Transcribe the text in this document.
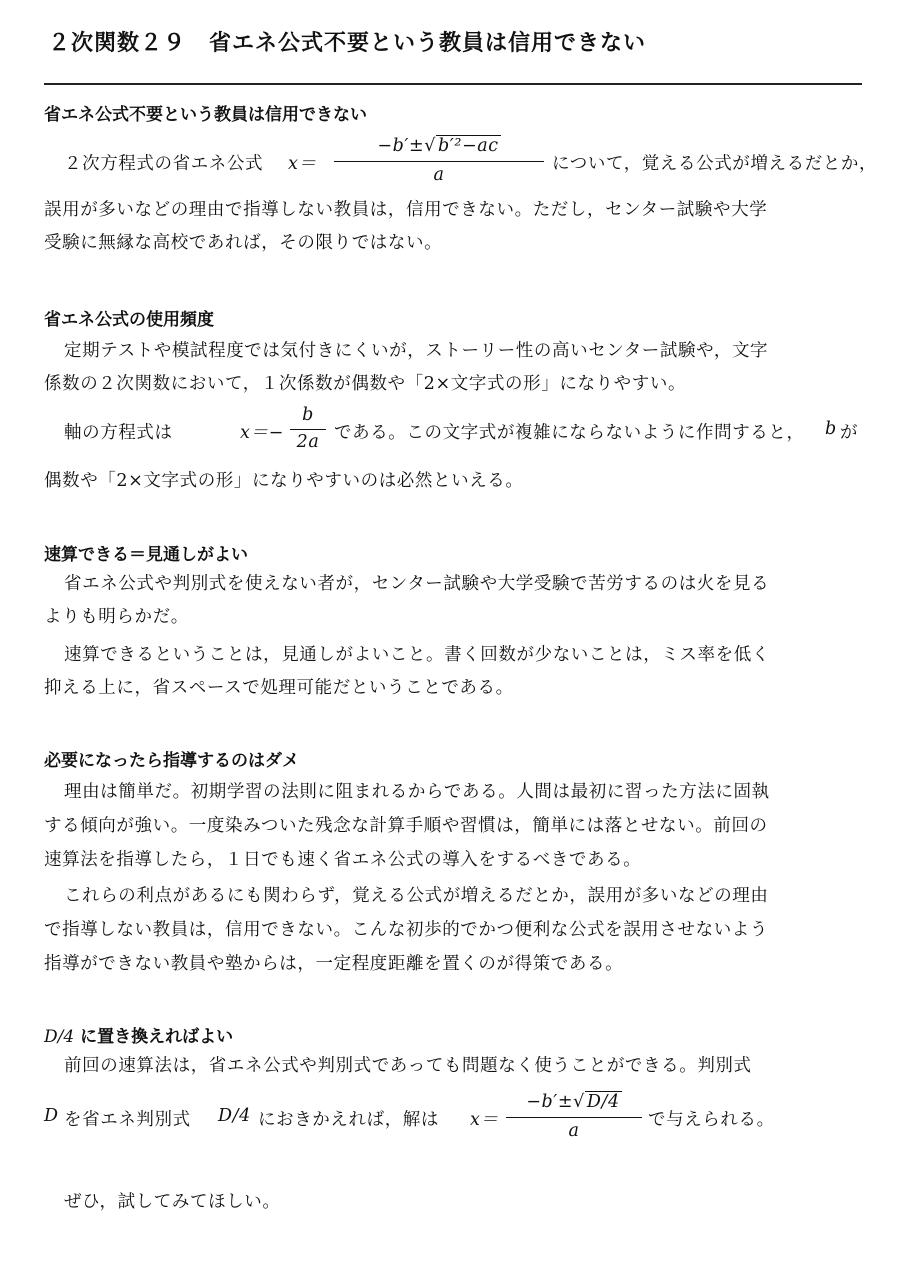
２次関数２９　省エネ公式不要という教員は信用できない
省エネ公式不要という教員は信用できない
２次方程式の省エネ公式 x＝
−b′±√ b′²−ac
a
について，覚える公式が増えるだとか，
誤用が多いなどの理由で指導しない教員は，信用できない。ただし，センター試験や大学
受験に無縁な高校であれば，その限りではない。
省エネ公式の使用頻度
定期テストや模試程度では気付きにくいが，ストーリー性の高いセンター試験や，文字
係数の２次関数において，１次係数が偶数や「2×文字式の形」になりやすい。
軸の方程式は	x＝−
b
2a である。この文字式が複雑にならないように作問すると， b が
偶数や「2×文字式の形」になりやすいのは必然といえる。
速算できる＝見通しがよい
省エネ公式や判別式を使えない者が，センター試験や大学受験で苦労するのは火を見る
よりも明らかだ。
速算できるということは，見通しがよいこと。書く回数が少ないことは，ミス率を低く
抑える上に，省スペースで処理可能だということである。
必要になったら指導するのはダメ
理由は簡単だ。初期学習の法則に阻まれるからである。人間は最初に習った方法に固執
する傾向が強い。一度染みついた残念な計算手順や習慣は，簡単には落とせない。前回の
速算法を指導したら，１日でも速く省エネ公式の導入をするべきである。
これらの利点があるにも関わらず，覚える公式が増えるだとか，誤用が多いなどの理由
で指導しない教員は，信用できない。こんな初歩的でかつ便利な公式を誤用させないよう
指導ができない教員や塾からは，一定程度距離を置くのが得策である。
D/4 に置き換えればよい
前回の速算法は，省エネ公式や判別式であっても問題なく使うことができる。判別式
D を省エネ判別式 D/4 におきかえれば，解は x＝
−b′±√ D/4
a
で与えられる。
ぜひ，試してみてほしい。
